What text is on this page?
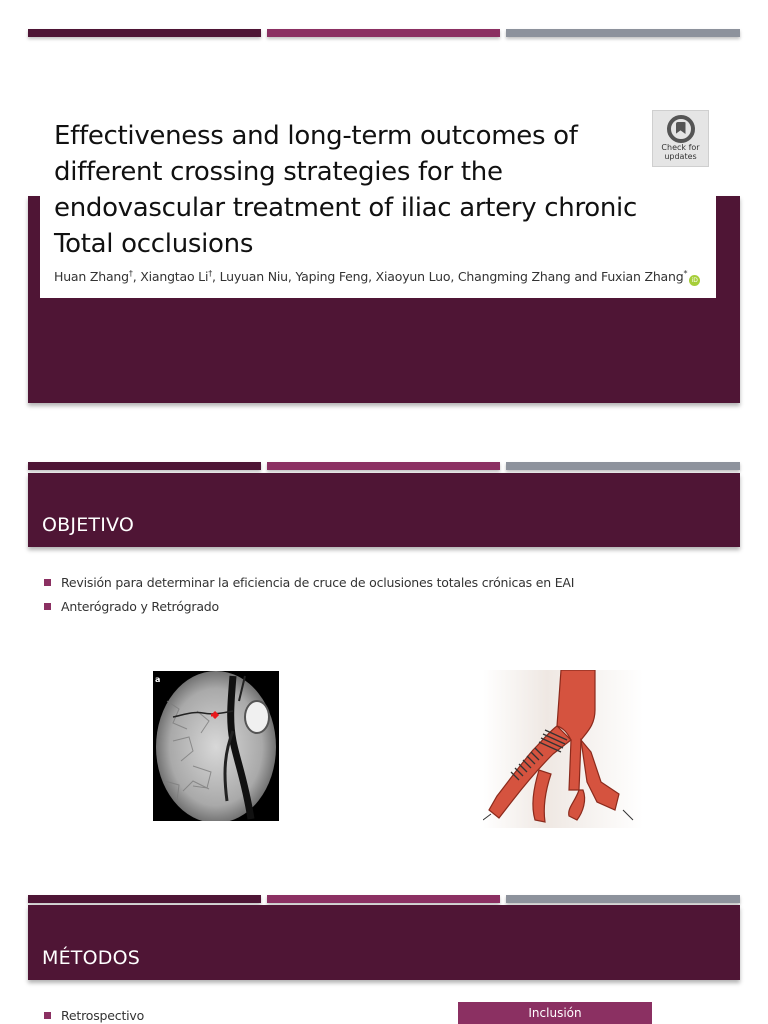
Effectiveness and long-term outcomes of different crossing strategies for the endovascular treatment of iliac artery chronic Total occlusions
Huan Zhang†, Xiangtao Li†, Luyuan Niu, Yaping Feng, Xiaoyun Luo, Changming Zhang and Fuxian Zhang*iD
Check for
updates
OBJETIVO
Revisión para determinar la eficiencia de cruce de oclusiones totales crónicas en EAI
Anterógrado y Retrógrado
a
MÉTODOS
Retrospectivo	Inclusión
